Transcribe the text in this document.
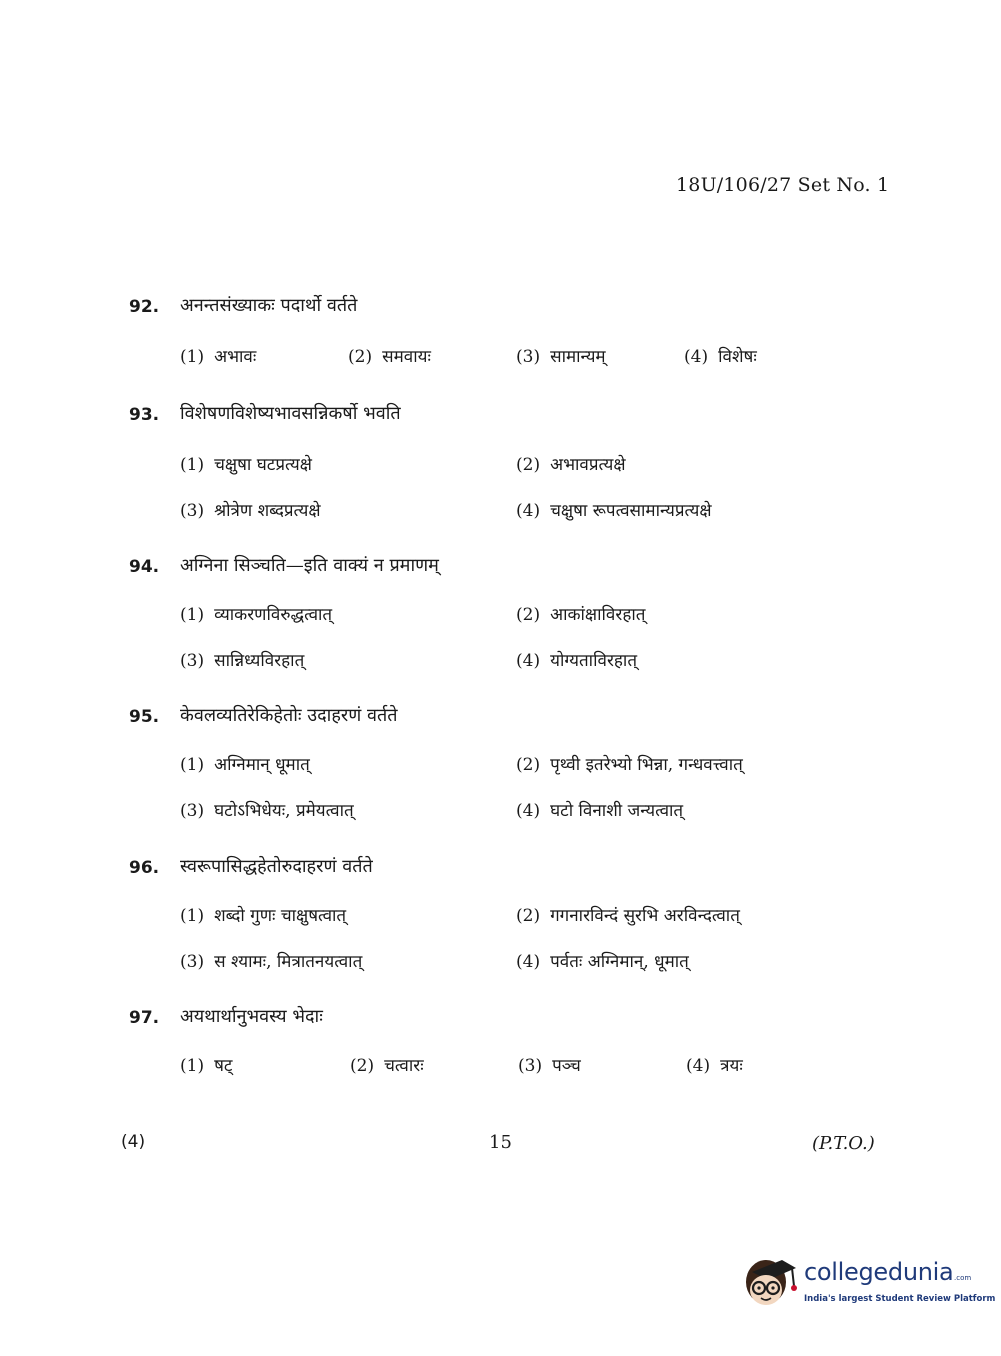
18U/106/27 Set No. 1
92. अनन्तसंख्याकः पदार्थो वर्तते
(1) अभावः	(2) समवायः	(3) सामान्यम्	(4) विशेषः
93. विशेषणविशेष्यभावसन्निकर्षो भवति
(1) चक्षुषा घटप्रत्यक्षे	(2) अभावप्रत्यक्षे
(3) श्रोत्रेण शब्दप्रत्यक्षे	(4) चक्षुषा रूपत्वसामान्यप्रत्यक्षे
94. अग्निना सिञ्चति—इति वाक्यं न प्रमाणम्
(1) व्याकरणविरुद्धत्वात्	(2) आकांक्षाविरहात्
(3) सान्निध्यविरहात्	(4) योग्यताविरहात्
95. केवलव्यतिरेकिहेतोः उदाहरणं वर्तते
(1) अग्निमान् धूमात्	(2) पृथ्वी इतरेभ्यो भिन्ना, गन्धवत्त्वात्
(3) घटोऽभिधेयः, प्रमेयत्वात्	(4) घटो विनाशी जन्यत्वात्
96. स्वरूपासिद्धहेतोरुदाहरणं वर्तते
(1) शब्दो गुणः चाक्षुषत्वात्	(2) गगनारविन्दं सुरभि अरविन्दत्वात्
(3) स श्यामः, मित्रातनयत्वात्	(4) पर्वतः अग्निमान्, धूमात्
97. अयथार्थानुभवस्य भेदाः
(1) षट्	(2) चत्वारः	(3) पञ्च	(4) त्रयः
(4)	15	(P.T.O.)
collegedunia .com
India's largest Student Review Platform
